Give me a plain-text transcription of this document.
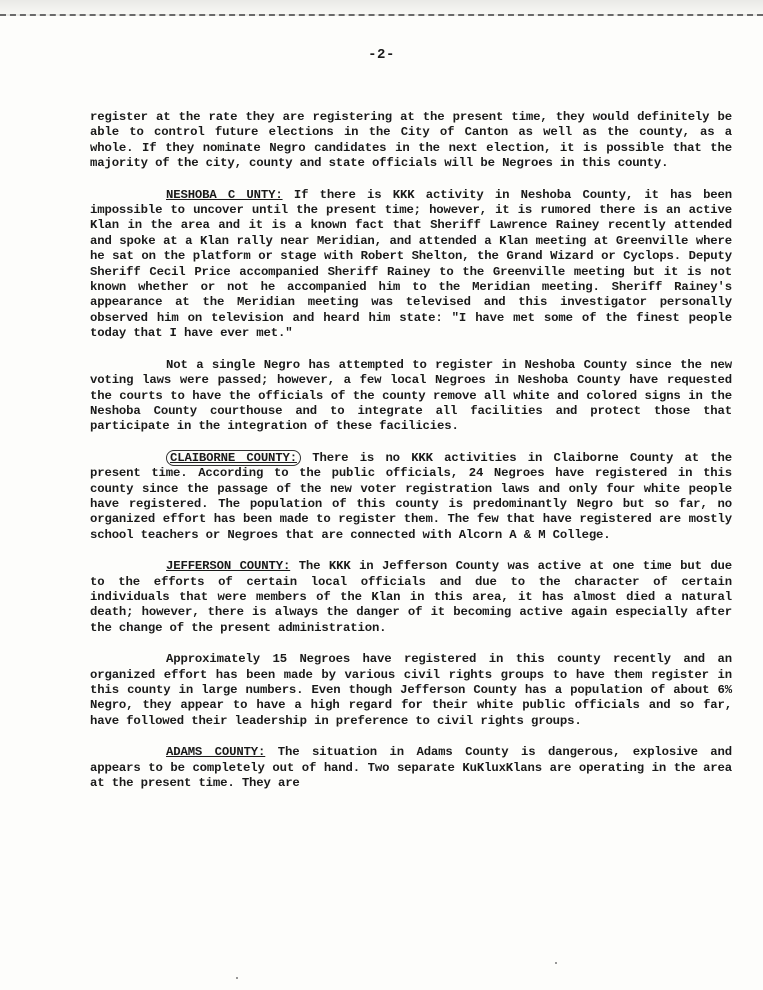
-2-

register at the rate they are registering at the present time, they would definitely be able to control future elections in the City of Canton as well as the county, as a whole. If they nominate Negro candidates in the next election, it is possible that the majority of the city, county and state officials will be Negroes in this county.

NESHOBA C UNTY: If there is KKK activity in Neshoba County, it has been impossible to uncover until the present time; however, it is rumored there is an active Klan in the area and it is a known fact that Sheriff Lawrence Rainey recently attended and spoke at a Klan rally near Meridian, and attended a Klan meeting at Greenville where he sat on the platform or stage with Robert Shelton, the Grand Wizard or Cyclops. Deputy Sheriff Cecil Price accompanied Sheriff Rainey to the Greenville meeting but it is not known whether or not he accompanied him to the Meridian meeting. Sheriff Rainey's appearance at the Meridian meeting was televised and this investigator personally observed him on television and heard him state: "I have met some of the finest people today that I have ever met."

Not a single Negro has attempted to register in Neshoba County since the new voting laws were passed; however, a few local Negroes in Neshoba County have requested the courts to have the officials of the county remove all white and colored signs in the Neshoba County courthouse and to integrate all facilities and protect those that participate in the integration of these facilicies.

CLAIBORNE COUNTY: There is no KKK activities in Claiborne County at the present time. According to the public officials, 24 Negroes have registered in this county since the passage of the new voter registration laws and only four white people have registered. The population of this county is predominantly Negro but so far, no organized effort has been made to register them. The few that have registered are mostly school teachers or Negroes that are connected with Alcorn A & M College.

JEFFERSON COUNTY: The KKK in Jefferson County was active at one time but due to the efforts of certain local officials and due to the character of certain individuals that were members of the Klan in this area, it has almost died a natural death; however, there is always the danger of it becoming active again especially after the change of the present administration.

Approximately 15 Negroes have registered in this county recently and an organized effort has been made by various civil rights groups to have them register in this county in large numbers. Even though Jefferson County has a population of about 6% Negro, they appear to have a high regard for their white public officials and so far, have followed their leadership in preference to civil rights groups.

ADAMS COUNTY: The situation in Adams County is dangerous, explosive and appears to be completely out of hand. Two separate KuKluxKlans are operating in the area at the present time. They are
